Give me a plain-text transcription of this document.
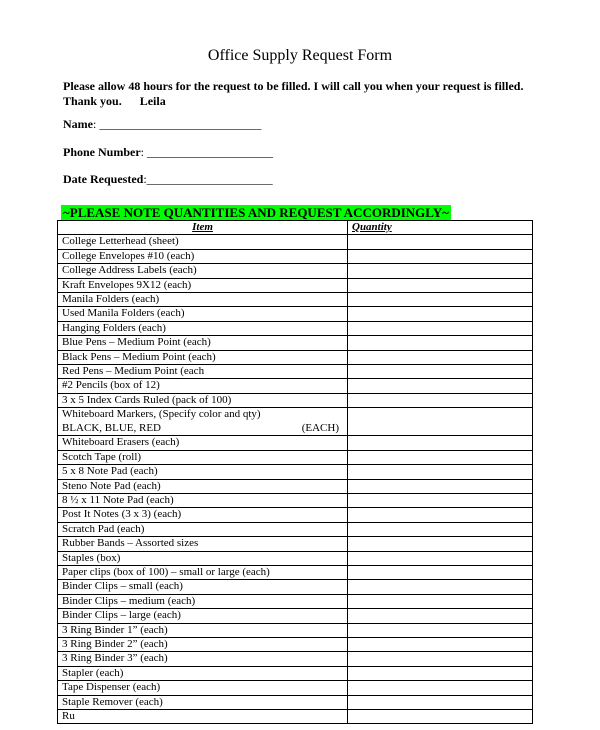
Office Supply Request Form
Please allow 48 hours for the request to be filled. I will call you when your request is filled.
Thank you. Leila
Name: ___________________________
Phone Number: _____________________
Date Requested:_____________________
~PLEASE NOTE QUANTITIES AND REQUEST ACCORDINGLY~
Item	Quantity
College Letterhead (sheet)	
College Envelopes #10 (each)	
College Address Labels (each)	
Kraft Envelopes 9X12 (each)	
Manila Folders (each)	
Used Manila Folders (each)	
Hanging Folders (each)	
Blue Pens – Medium Point (each)	
Black Pens – Medium Point (each)	
Red Pens – Medium Point (each	
#2 Pencils (box of 12)	
3 x 5 Index Cards Ruled (pack of 100)	

Whiteboard Markers, (Specify color and qty)
BLACK, BLUE, RED (EACH)	

Whiteboard Erasers (each)	
Scotch Tape (roll)	
5 x 8 Note Pad (each)	
Steno Note Pad (each)	
8 ½ x 11 Note Pad (each)	
Post It Notes (3 x 3) (each)	
Scratch Pad (each)	
Rubber Bands – Assorted sizes	
Staples (box)	
Paper clips (box of 100) – small or large (each)	
Binder Clips – small (each)	
Binder Clips – medium (each)	
Binder Clips – large (each)	
3 Ring Binder 1” (each)	
3 Ring Binder 2” (each)	
3 Ring Binder 3” (each)	
Stapler (each)	
Tape Dispenser (each)	
Staple Remover (each)	
Ru	
